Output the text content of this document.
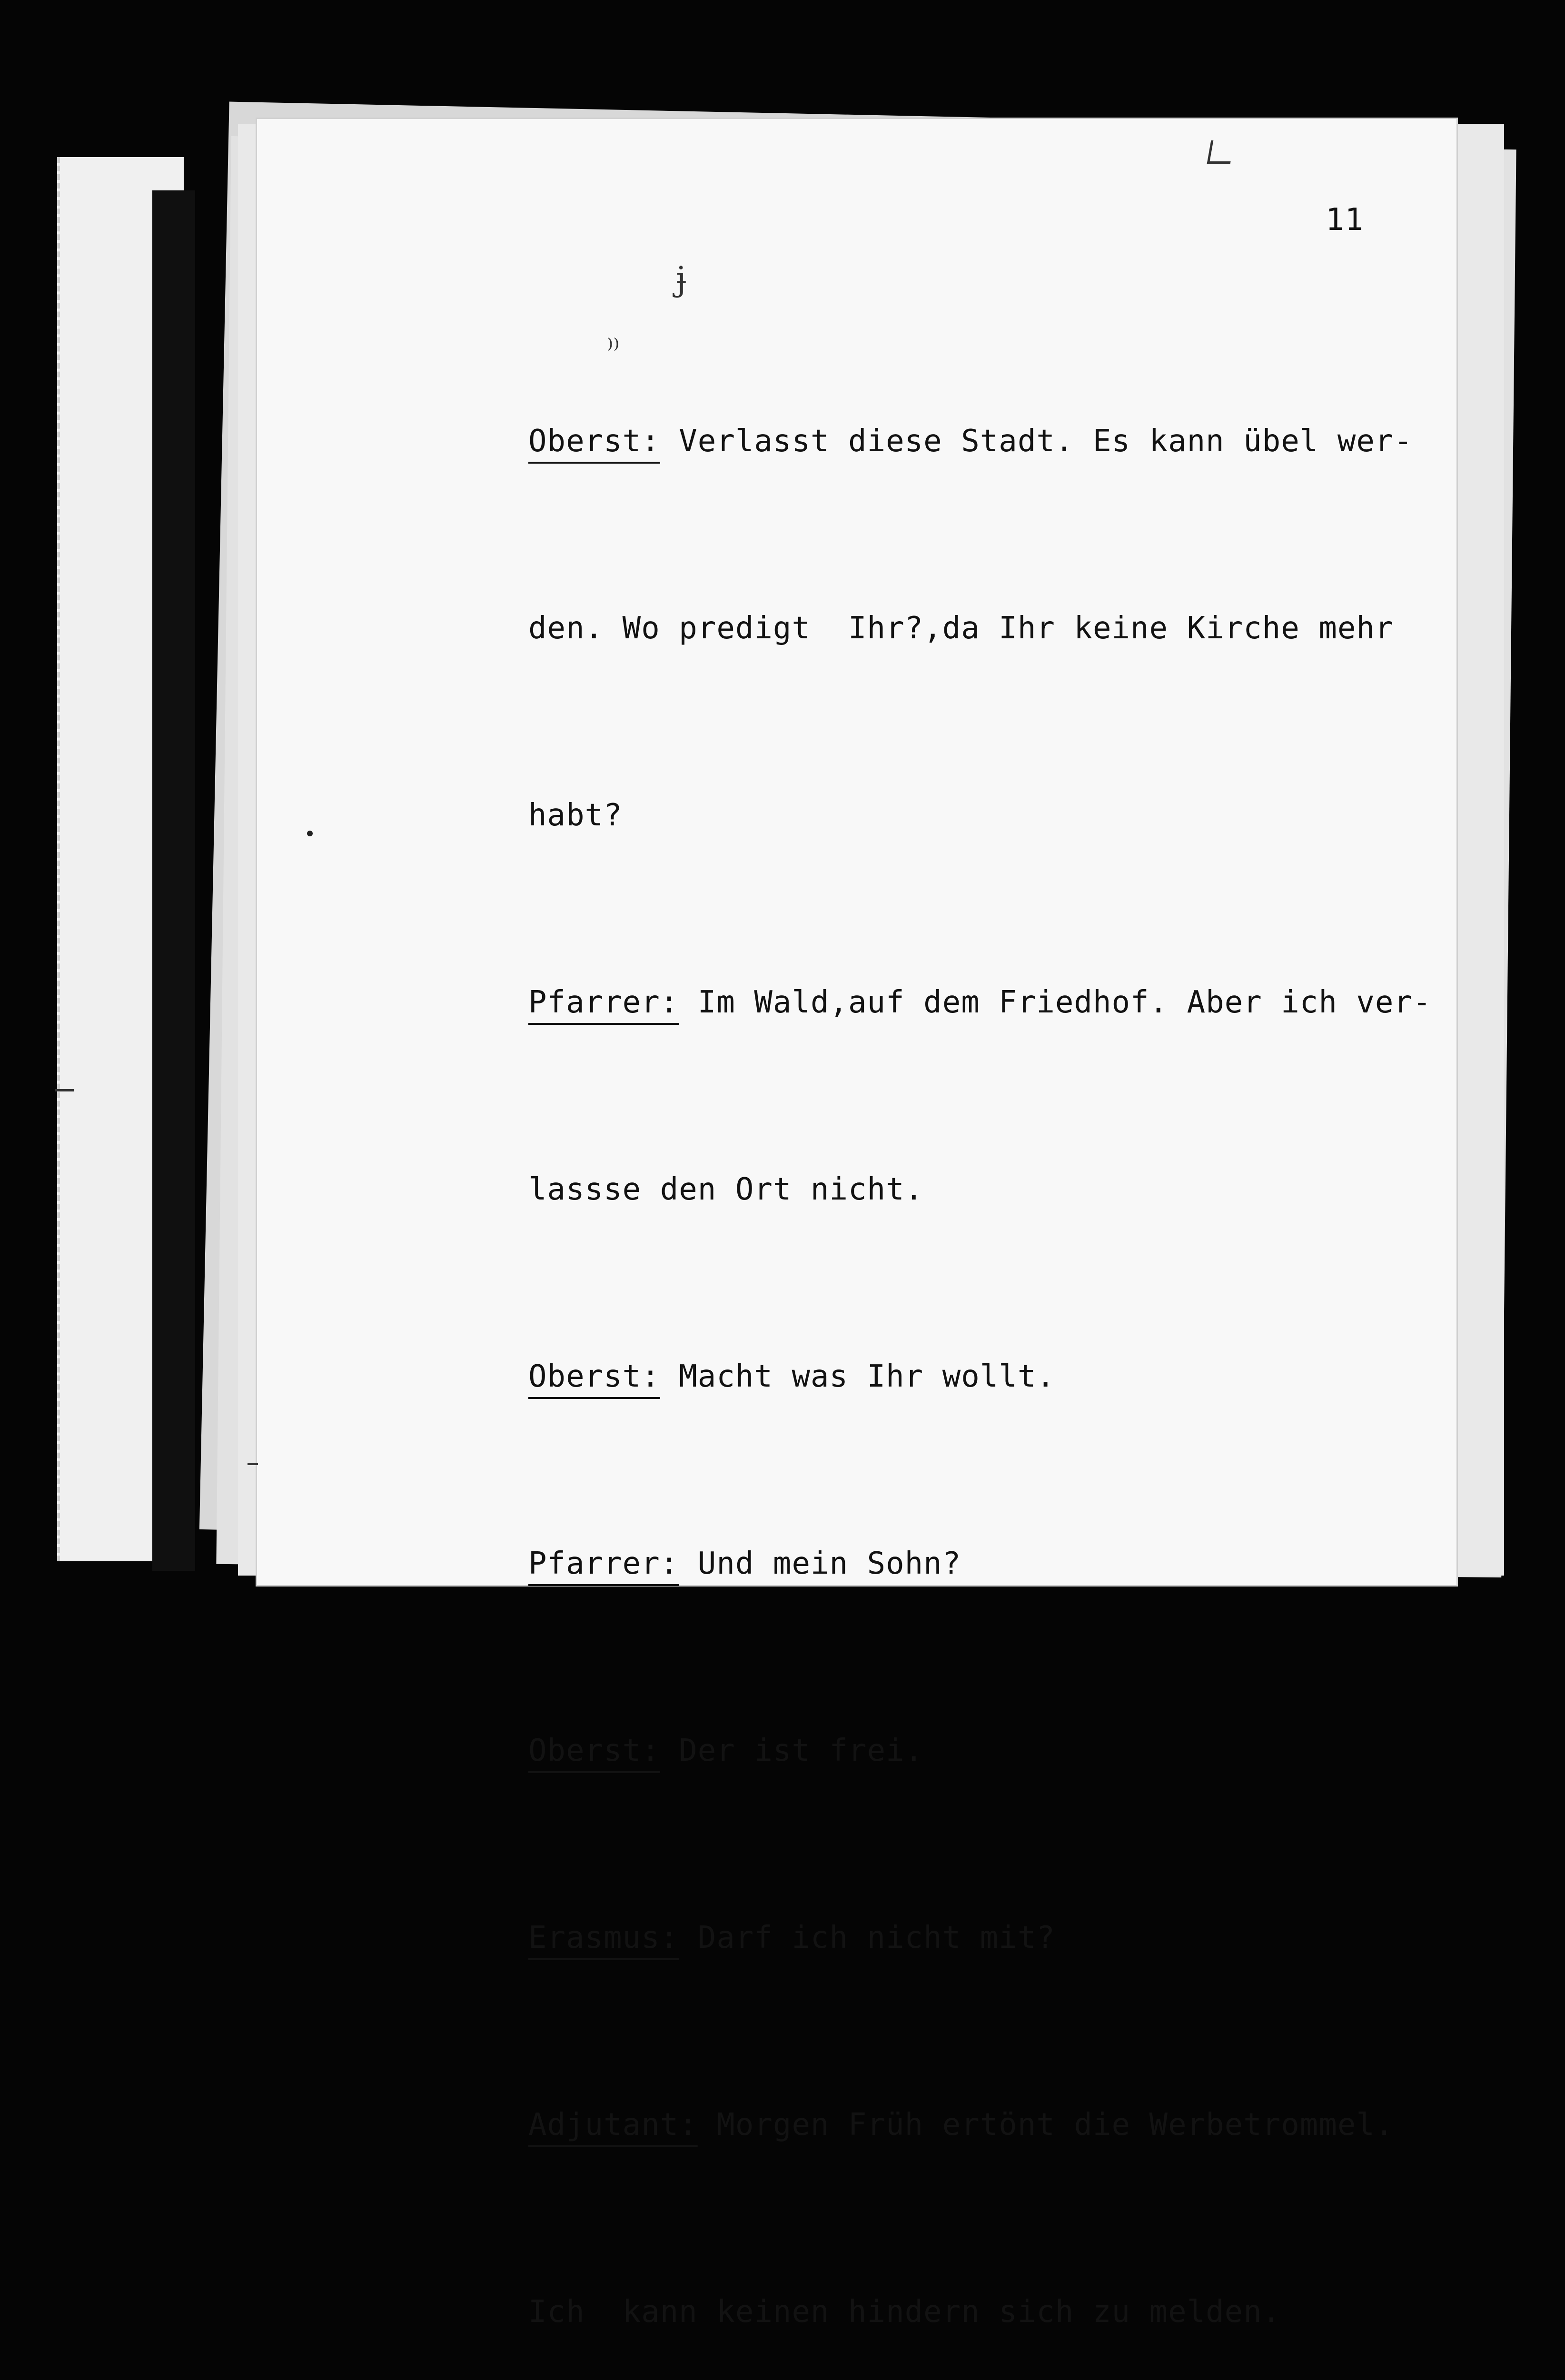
11
ɉ
⁾⁾

Oberst: Verlasst diese Stadt. Es kann übel wer-

den. Wo predigt  Ihr?,da Ihr keine Kirche mehr

habt?

Pfarrer: Im Wald,auf dem Friedhof. Aber ich ver-

lassse den Ort nicht.

Oberst: Macht was Ihr wollt.

Pfarrer: Und mein Sohn?

Oberst: Der ist frei.

Erasmus: Darf ich nicht mit?

Adjutant: Morgen Früh ertönt die Werbetrommel.

Ich  kann keinen hindern sich zu melden.
